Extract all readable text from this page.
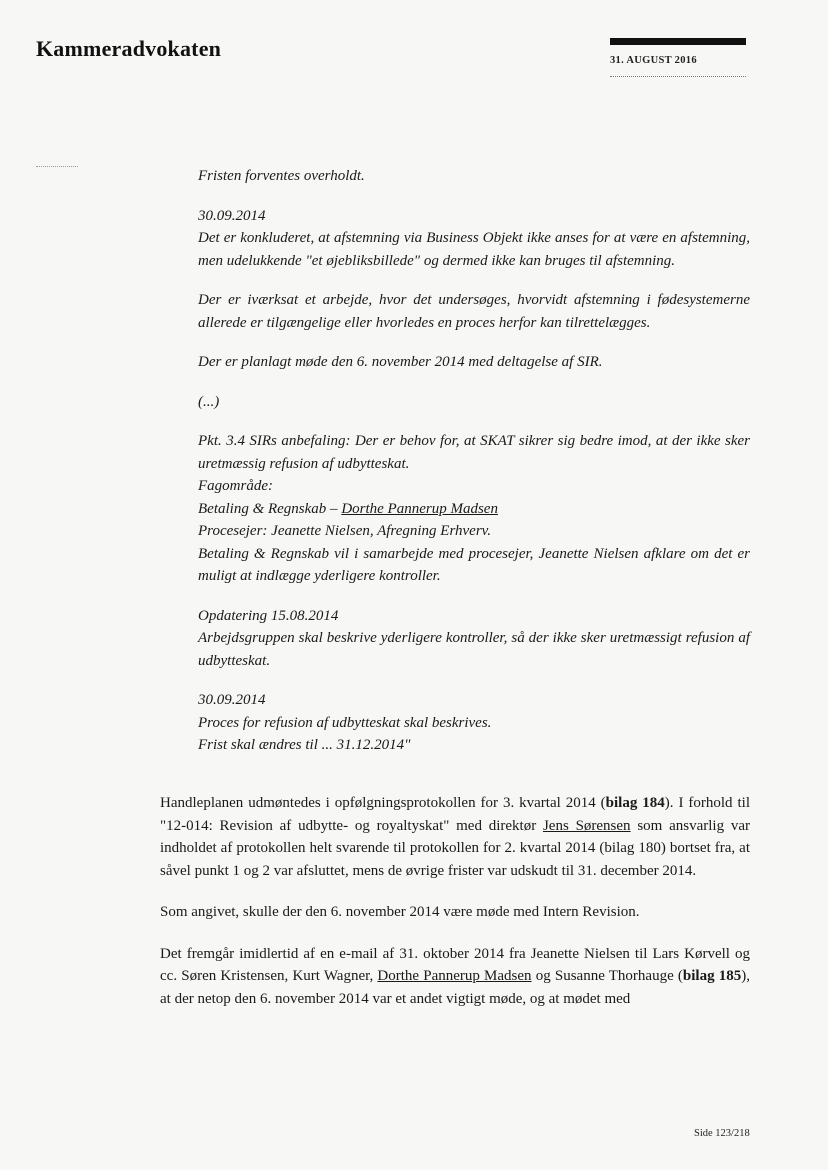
Kammeradvokaten	31. AUGUST 2016

Fristen forventes overholdt.

30.09.2014
Det er konkluderet, at afstemning via Business Objekt ikke anses for at være en afstemning, men udelukkende "et øjebliksbillede" og dermed ikke kan bruges til afstemning.

Der er iværksat et arbejde, hvor det undersøges, hvorvidt afstemning i fødesystemerne allerede er tilgængelige eller hvorledes en proces herfor kan tilrettelægges.

Der er planlagt møde den 6. november 2014 med deltagelse af SIR.

(...)

Pkt. 3.4 SIRs anbefaling: Der er behov for, at SKAT sikrer sig bedre imod, at der ikke sker uretmæssig refusion af udbytteskat.
Fagområde:
Betaling & Regnskab – Dorthe Pannerup Madsen
Procesejer: Jeanette Nielsen, Afregning Erhverv.
Betaling & Regnskab vil i samarbejde med procesejer, Jeanette Nielsen afklare om det er muligt at indlægge yderligere kontroller.

Opdatering 15.08.2014
Arbejdsgruppen skal beskrive yderligere kontroller, så der ikke sker uretmæssigt refusion af udbytteskat.

30.09.2014
Proces for refusion af udbytteskat skal beskrives.
Frist skal ændres til ... 31.12.2014"

Handleplanen udmøntedes i opfølgningsprotokollen for 3. kvartal 2014 (bilag 184). I forhold til "12-014: Revision af udbytte- og royaltyskat" med direktør Jens Sørensen som ansvarlig var indholdet af protokollen helt svarende til protokollen for 2. kvartal 2014 (bilag 180) bortset fra, at såvel punkt 1 og 2 var afsluttet, mens de øvrige frister var udskudt til 31. december 2014.

Som angivet, skulle der den 6. november 2014 være møde med Intern Revision.

Det fremgår imidlertid af en e-mail af 31. oktober 2014 fra Jeanette Nielsen til Lars Kørvell og cc. Søren Kristensen, Kurt Wagner, Dorthe Pannerup Madsen og Susanne Thorhauge (bilag 185), at der netop den 6. november 2014 var et andet vigtigt møde, og at mødet med

Side 123/218
